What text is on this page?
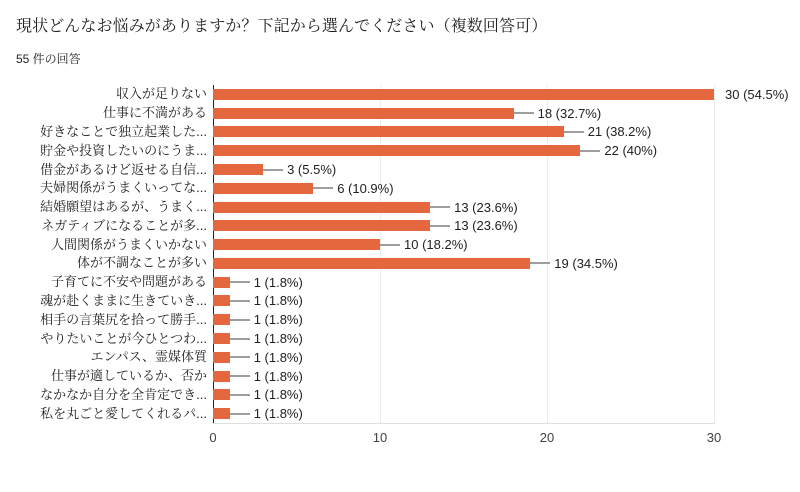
現状どんなお悩みがありますか？下記から選んでください（複数回答可）
55 件の回答
収入が足りない	30 (54.5%)
仕事に不満がある	18 (32.7%)
好きなことで独立起業した...	21 (38.2%)
貯金や投資したいのにうま...	22 (40%)
借金があるけど返せる自信...	3 (5.5%)
夫婦関係がうまくいってな...	6 (10.9%)
結婚願望はあるが、うまく...	13 (23.6%)
ネガティブになることが多...	13 (23.6%)
人間関係がうまくいかない	10 (18.2%)
体が不調なことが多い	19 (34.5%)
子育てに不安や問題がある	1 (1.8%)
魂が赴くままに生きていき...	1 (1.8%)
相手の言葉尻を拾って勝手...	1 (1.8%)
やりたいことが今ひとつわ...	1 (1.8%)
エンパス、霊媒体質	1 (1.8%)
仕事が適しているか、否か	1 (1.8%)
なかなか自分を全肯定でき...	1 (1.8%)
私を丸ごと愛してくれるパ...	1 (1.8%)
0	10	20	30
